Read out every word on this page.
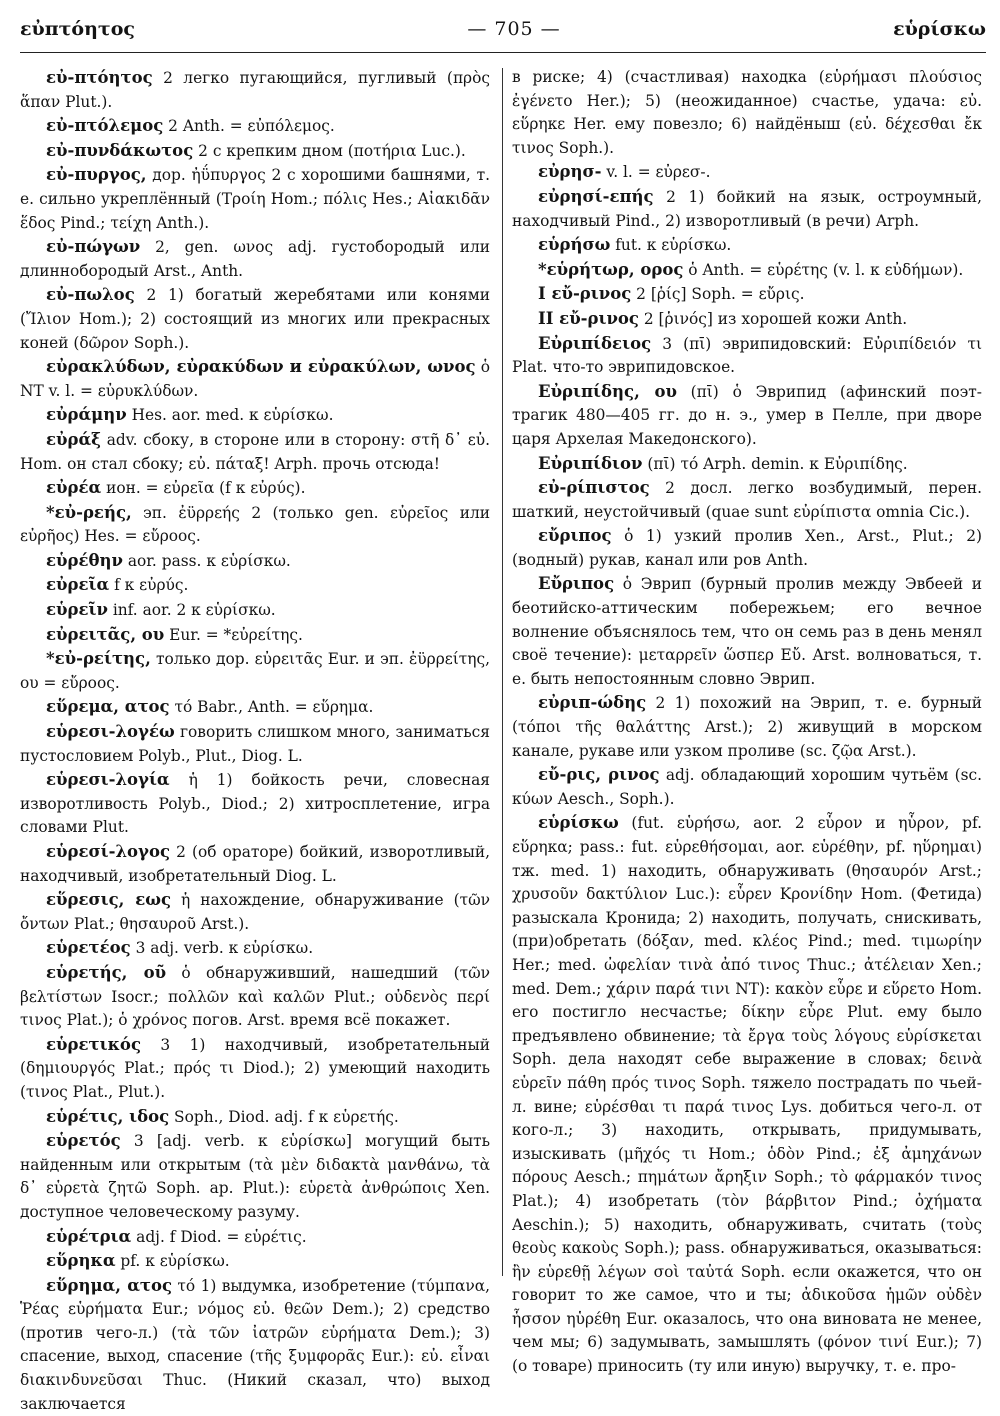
εὐπτόητος	— 705 —	εὑρίσκω

εὐ-πτόητος 2 легко пугающийся, пугливый (πρὸς ἅπαν Plut.).

εὐ-πτόλεμος 2 Anth. = εὐπόλεμος.

εὐ-πυνδάκωτος 2 с крепким дном (ποτήρια Luc.).

εὐ-πυργος, дор. ἠΰπυργος 2 с хорошими башнями, т. е. сильно укреплённый (Τροίη Hom.; πόλις Hes.; Αἰακιδᾶν ἕδος Pind.; τείχη Anth.).

εὐ-πώγων 2, gen. ωνος adj. густобородый или длиннобородый Arst., Anth.

εὐ-πωλος 2 1) богатый жеребятами или конями (Ἴλιον Hom.); 2) состоящий из многих или прекрасных коней (δῶρον Soph.).

εὐρακλύδων, εὐρακύδων и εὐρακύλων, ωνος ὁ NT v. l. = εὐρυκλύδων.

εὐράμην Hes. aor. med. к εὑρίσκω.

εὐράξ adv. сбоку, в стороне или в сторону: στῆ δ᾽ εὐ. Hom. он стал сбоку; εὐ. πάταξ! Arph. прочь отсюда!

εὐρέα ион. = εὐρεῖα (f к εὐρύς).

*εὐ-ρεής, эп. ἐϋρρεής 2 (только gen. εὐρεῖος или εὐρῆος) Hes. = εὔροος.

εὑρέθην aor. pass. к εὑρίσκω.

εὐρεῖα f к εὐρύς.

εὑρεῖν inf. aor. 2 к εὑρίσκω.

εὐρειτᾶς, ου Eur. = *εὐρείτης.

*εὐ-ρείτης, только дор. εὐρειτᾶς Eur. и эп. ἐϋρρείτης, ου = εὔροος.

εὕρεμα, ατος τό Babr., Anth. = εὕρημα.

εὑρεσι-λογέω говорить слишком много, заниматься пустословием Polyb., Plut., Diog. L.

εὑρεσι-λογία ἡ 1) бойкость речи, словесная изворотливость Polyb., Diod.; 2) хитросплетение, игра словами Plut.

εὑρεσί-λογος 2 (об ораторе) бойкий, изворотливый, находчивый, изобретательный Diog. L.

εὕρεσις, εως ἡ нахождение, обнаруживание (τῶν ὄντων Plat.; θησαυροῦ Arst.).

εὑρετέος 3 adj. verb. к εὑρίσκω.

εὑρετής, οῦ ὁ обнаруживший, нашедший (τῶν βελτίστων Isocr.; πολλῶν καὶ καλῶν Plut.; οὐδενὸς περί τινος Plat.); ὁ χρόνος погов. Arst. время всё покажет.

εὑρετικός 3 1) находчивый, изобретательный (δημιουργός Plat.; πρός τι Diod.); 2) умеющий находить (τινος Plat., Plut.).

εὑρέτις, ιδος Soph., Diod. adj. f к εὑρετής.

εὑρετός 3 [adj. verb. к εὑρίσκω] могущий быть найденным или открытым (τὰ μὲν διδακτὰ μανθάνω, τὰ δ᾽ εὑρετὰ ζητῶ Soph. ap. Plut.): εὑρετὰ ἀνθρώποις Xen. доступное человеческому разуму.

εὑρέτρια adj. f Diod. = εὑρέτις.

εὕρηκα pf. к εὑρίσκω.

εὕρημα, ατος τό 1) выдумка, изобретение (τύμπανα, Ῥέας εὑρήματα Eur.; νόμος εὐ. θεῶν Dem.); 2) средство (против чего-л.) (τὰ τῶν ἰατρῶν εὑρήματα Dem.); 3) спасение, выход, спасение (τῆς ξυμφορᾶς Eur.): εὐ. εἶναι διακινδυνεῦσαι Thuc. (Никий сказал, что) выход заключается

в риске; 4) (счастливая) находка (εὑρήμασι πλούσιος ἐγένετο Her.); 5) (неожиданное) счастье, удача: εὐ. εὕρηκε Her. ему повезло; 6) найдёныш (εὐ. δέχεσθαι ἔκ τινος Soph.).

εὐρησ- v. l. = εὐρεσ-.

εὐρησί-επής 2 1) бойкий на язык, остроумный, находчивый Pind., 2) изворотливый (в речи) Arph.

εὑρήσω fut. к εὑρίσκω.

*εὑρήτωρ, ορος ὁ Anth. = εὑρέτης (v. l. к εὐδήμων).

I εὔ-ρινος 2 [ῥίς] Soph. = εὔρις.

II εὔ-ρινος 2 [ῥινός] из хорошей кожи Anth.

Εὐριπίδειος 3 (πῑ) эврипидовский: Εὐριπίδειόν τι Plat. что-то эврипидовское.

Εὐριπίδης, ου (πῑ) ὁ Эврипид (афинский поэт-трагик 480—405 гг. до н. э., умер в Пелле, при дворе царя Архелая Македонского).

Εὐριπίδιον (πῑ) τό Arph. demin. к Εὐριπίδης.

εὐ-ρίπιστος 2 досл. легко возбудимый, перен. шаткий, неустойчивый (quae sunt εὐρίπιστα omnia Cic.).

εὔριπος ὁ 1) узкий пролив Xen., Arst., Plut.; 2) (водный) рукав, канал или ров Anth.

Εὔριπος ὁ Эврип (бурный пролив между Эвбеей и беотийско-аттическим побережьем; его вечное волнение объяснялось тем, что он семь раз в день менял своё течение): μεταρρεῖν ὥσπερ Εὔ. Arst. волноваться, т. е. быть непостоянным словно Эврип.

εὐριπ-ώδης 2 1) похожий на Эврип, т. е. бурный (τόποι τῆς θαλάττης Arst.); 2) живущий в морском канале, рукаве или узком проливе (sc. ζῷα Arst.).

εὔ-ρις, ρινος adj. обладающий хорошим чутьём (sc. κύων Aesch., Soph.).

εὑρίσκω (fut. εὑρήσω, aor. 2 εὗρον и ηὗρον, pf. εὕρηκα; pass.: fut. εὑρεθήσομαι, aor. εὑρέθην, pf. ηὕρημαι) тж. med. 1) находить, обнаруживать (θησαυρόν Arst.; χρυσοῦν δακτύλιον Luc.): εὗρεν Κρονίδην Hom. (Фетида) разыскала Кронида; 2) находить, получать, снискивать, (при)обретать (δόξαν, med. κλέος Pind.; med. τιμωρίην Her.; med. ὠφελίαν τινὰ ἀπό τινος Thuc.; ἀτέλειαν Xen.; med. Dem.; χάριν παρά τινι NT): κακὸν εὗρε и εὕρετο Hom. его постигло несчастье; δίκην εὗρε Plut. ему было предъявлено обвинение; τὰ ἔργα τοὺς λόγους εὑρίσκεται Soph. дела находят себе выражение в словах; δεινὰ εὑρεῖν πάθη πρός τινος Soph. тяжело пострадать по чьей-л. вине; εὑρέσθαι τι παρά τινος Lys. добиться чего-л. от кого-л.; 3) находить, открывать, придумывать, изыскивать (μῆχός τι Hom.; ὁδὸν Pind.; ἐξ ἀμηχάνων πόρους Aesch.; πημάτων ἄρηξιν Soph.; τὸ φάρμακόν τινος Plat.); 4) изобретать (τὸν βάρβιτον Pind.; ὀχήματα Aeschin.); 5) находить, обнаруживать, считать (τοὺς θεοὺς κακοὺς Soph.); pass. обнаруживаться, оказываться: ἢν εὑρεθῇ λέγων σοὶ ταὐτά Soph. если окажется, что он говорит то же самое, что и ты; ἀδικοῦσα ἡμῶν οὐδὲν ἧσσον ηὑρέθη Eur. оказалось, что она виновата не менее, чем мы; 6) задумывать, замышлять (φόνον τινί Eur.); 7) (о товаре) приносить (ту или иную) выручку, т. е. про-
